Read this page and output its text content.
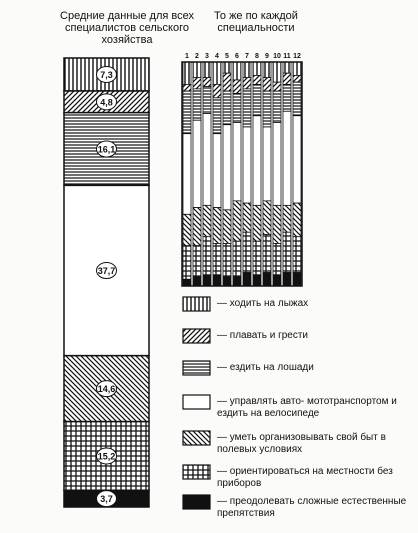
Средние данные для всех специалистов сельского хозяйства
То же по каждой специальности
7,3
4,8
16,1
37,7
14,6
15,2
3,7
1 2 3 4 5 6 7 8 9 10 11 12
— ходить на лыжах
— плавать и грести
— ездить на лошади
— управлять авто- мототранспортом и ездить на велосипеде
— уметь организовывать свой быт в полевых условиях
— ориентироваться на местности без приборов
— преодолевать сложные естественные препятствия
